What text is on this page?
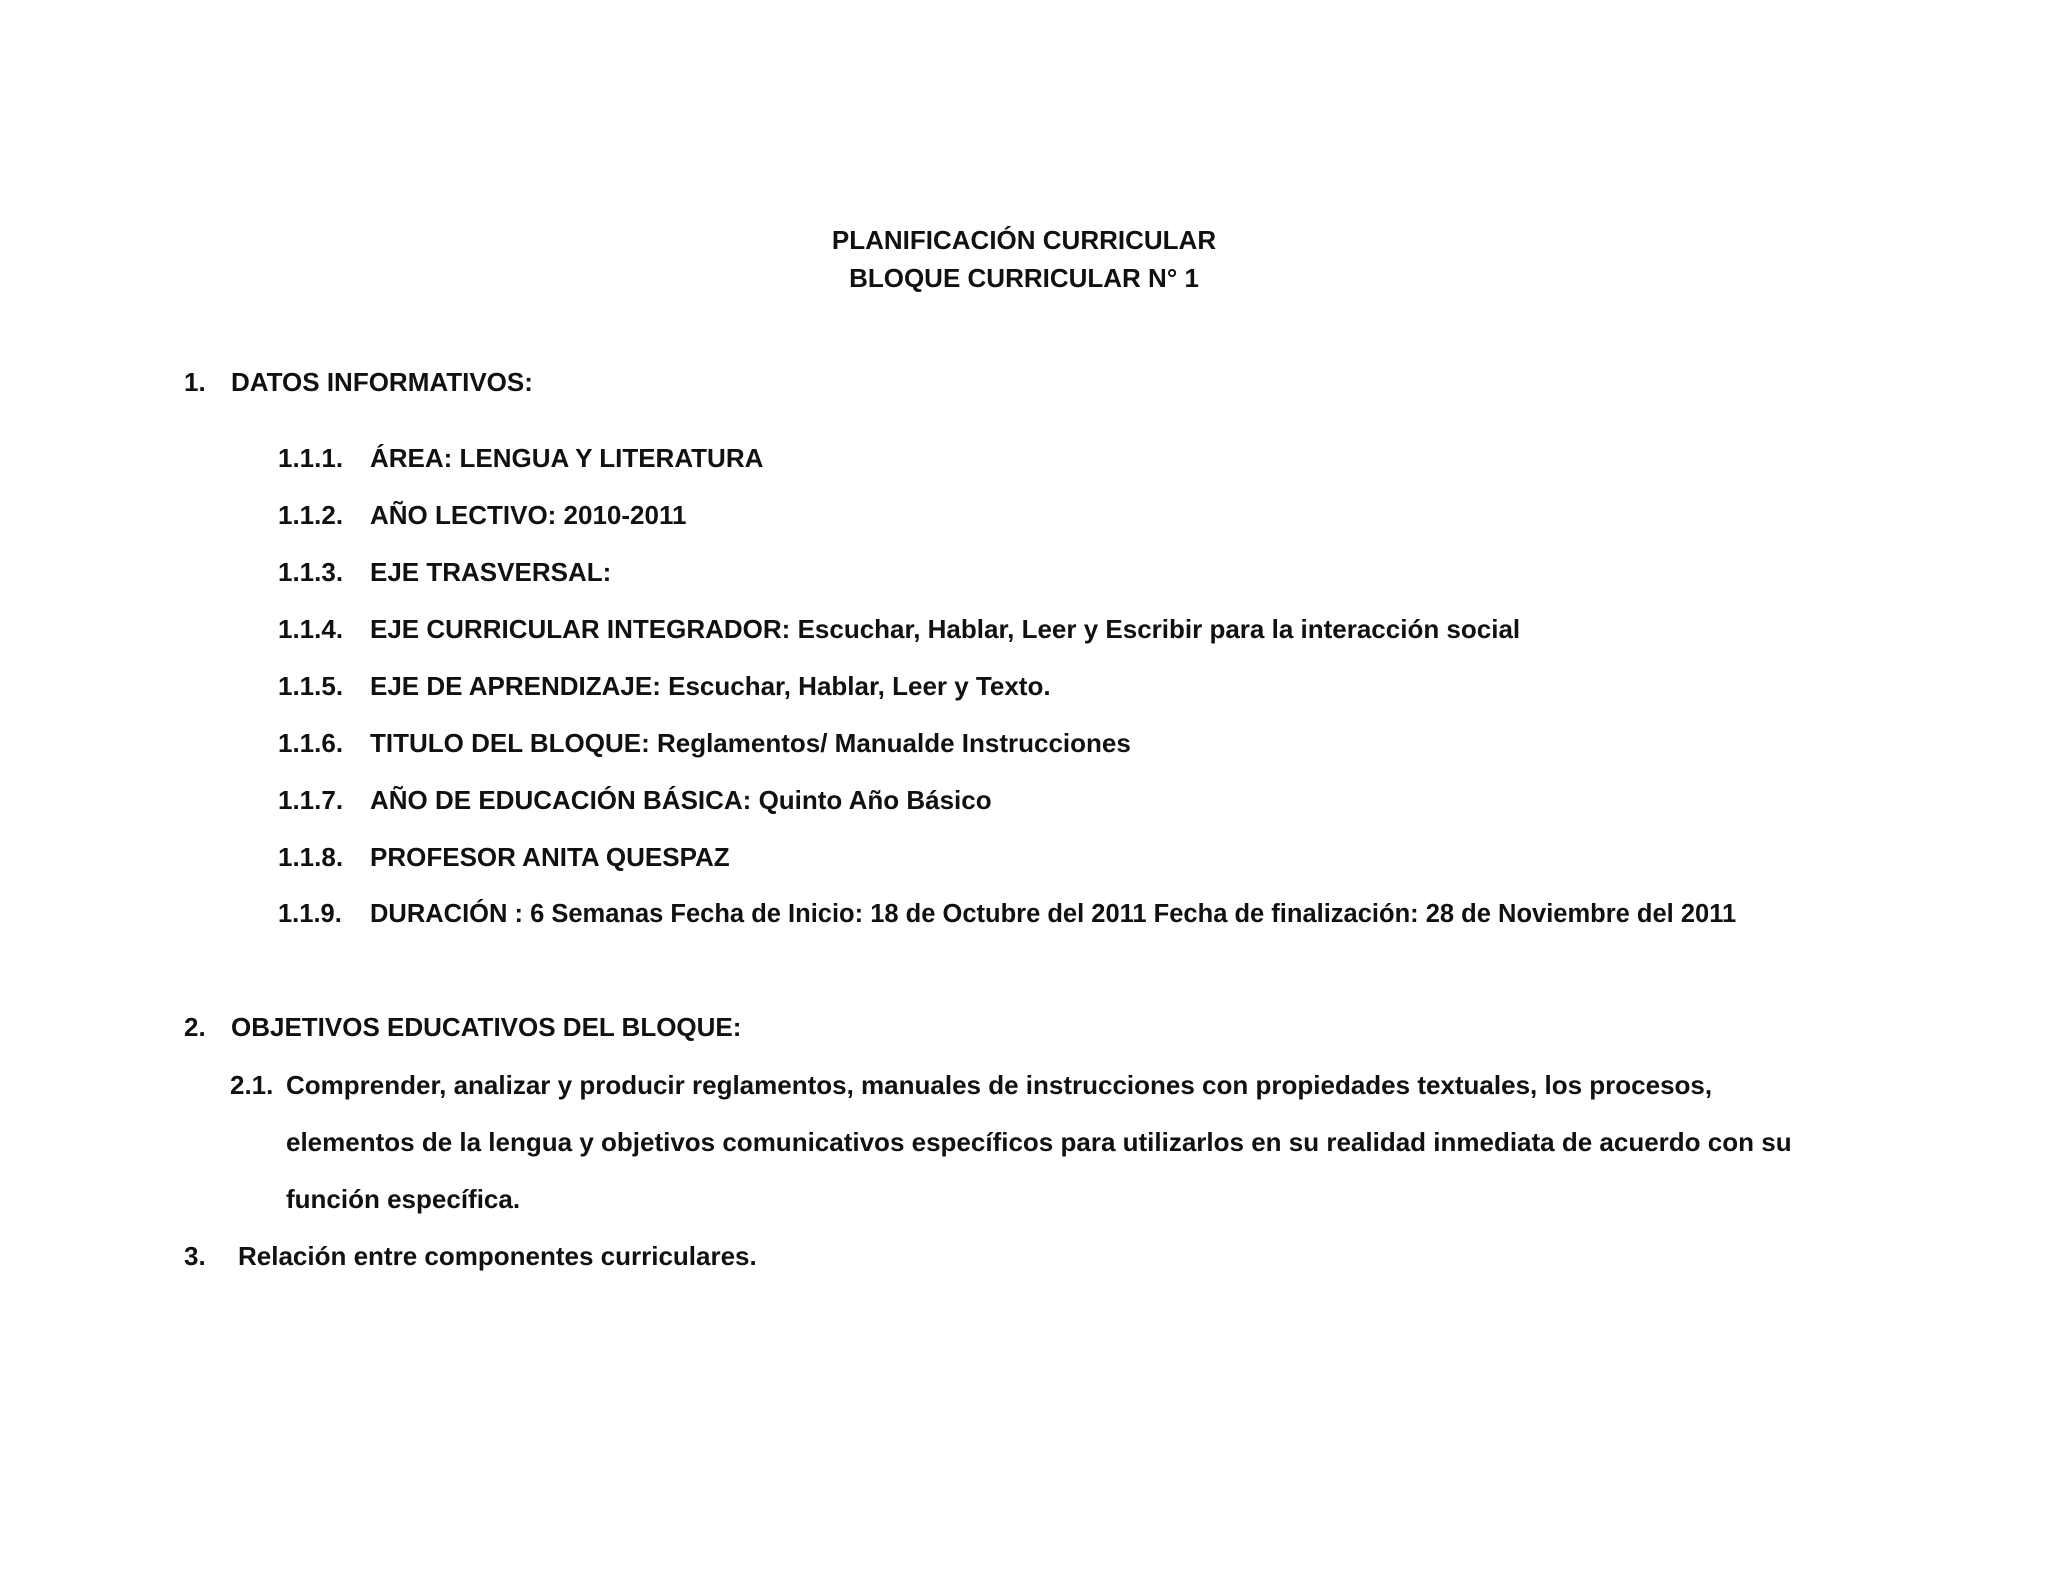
PLANIFICACIÓN CURRICULAR
BLOQUE CURRICULAR N° 1
1. DATOS INFORMATIVOS:
1.1.1. ÁREA: LENGUA Y LITERATURA
1.1.2. AÑO LECTIVO: 2010-2011
1.1.3. EJE TRASVERSAL:
1.1.4. EJE CURRICULAR INTEGRADOR: Escuchar, Hablar, Leer y Escribir para la interacción social
1.1.5. EJE DE APRENDIZAJE: Escuchar, Hablar, Leer y Texto.
1.1.6. TITULO DEL BLOQUE: Reglamentos/ Manualde Instrucciones
1.1.7. AÑO DE EDUCACIÓN BÁSICA: Quinto Año Básico
1.1.8. PROFESOR ANITA QUESPAZ
1.1.9. DURACIÓN : 6 Semanas Fecha de Inicio: 18 de Octubre del 2011 Fecha de finalización: 28 de Noviembre del 2011
2. OBJETIVOS EDUCATIVOS DEL BLOQUE:
2.1. Comprender, analizar y producir reglamentos, manuales de instrucciones con propiedades textuales, los procesos,
elementos de la lengua y objetivos comunicativos específicos para utilizarlos en su realidad inmediata de acuerdo con su
función específica.
3. Relación entre componentes curriculares.
